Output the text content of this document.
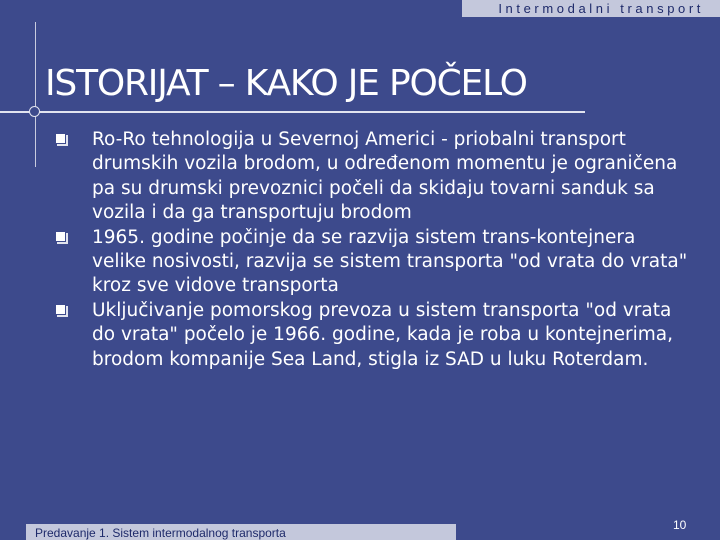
Intermodalni transport
ISTORIJAT – KAKO JE POČELO
Ro-Ro tehnologija u Severnoj Americi - priobalni transport drumskih vozila brodom, u određenom momentu je ograničena pa su drumski prevoznici počeli da skidaju tovarni sanduk sa vozila i da ga transportuju brodom
1965. godine počinje da se razvija sistem trans-kontejnera velike nosivosti, razvija se sistem transporta "od vrata do vrata" kroz sve vidove transporta
Uključivanje pomorskog prevoza u sistem transporta "od vrata do vrata" počelo je 1966. godine, kada je roba u kontejnerima, brodom kompanije Sea Land, stigla iz SAD u luku Roterdam.
Predavanje 1. Sistem intermodalnog transporta
10
